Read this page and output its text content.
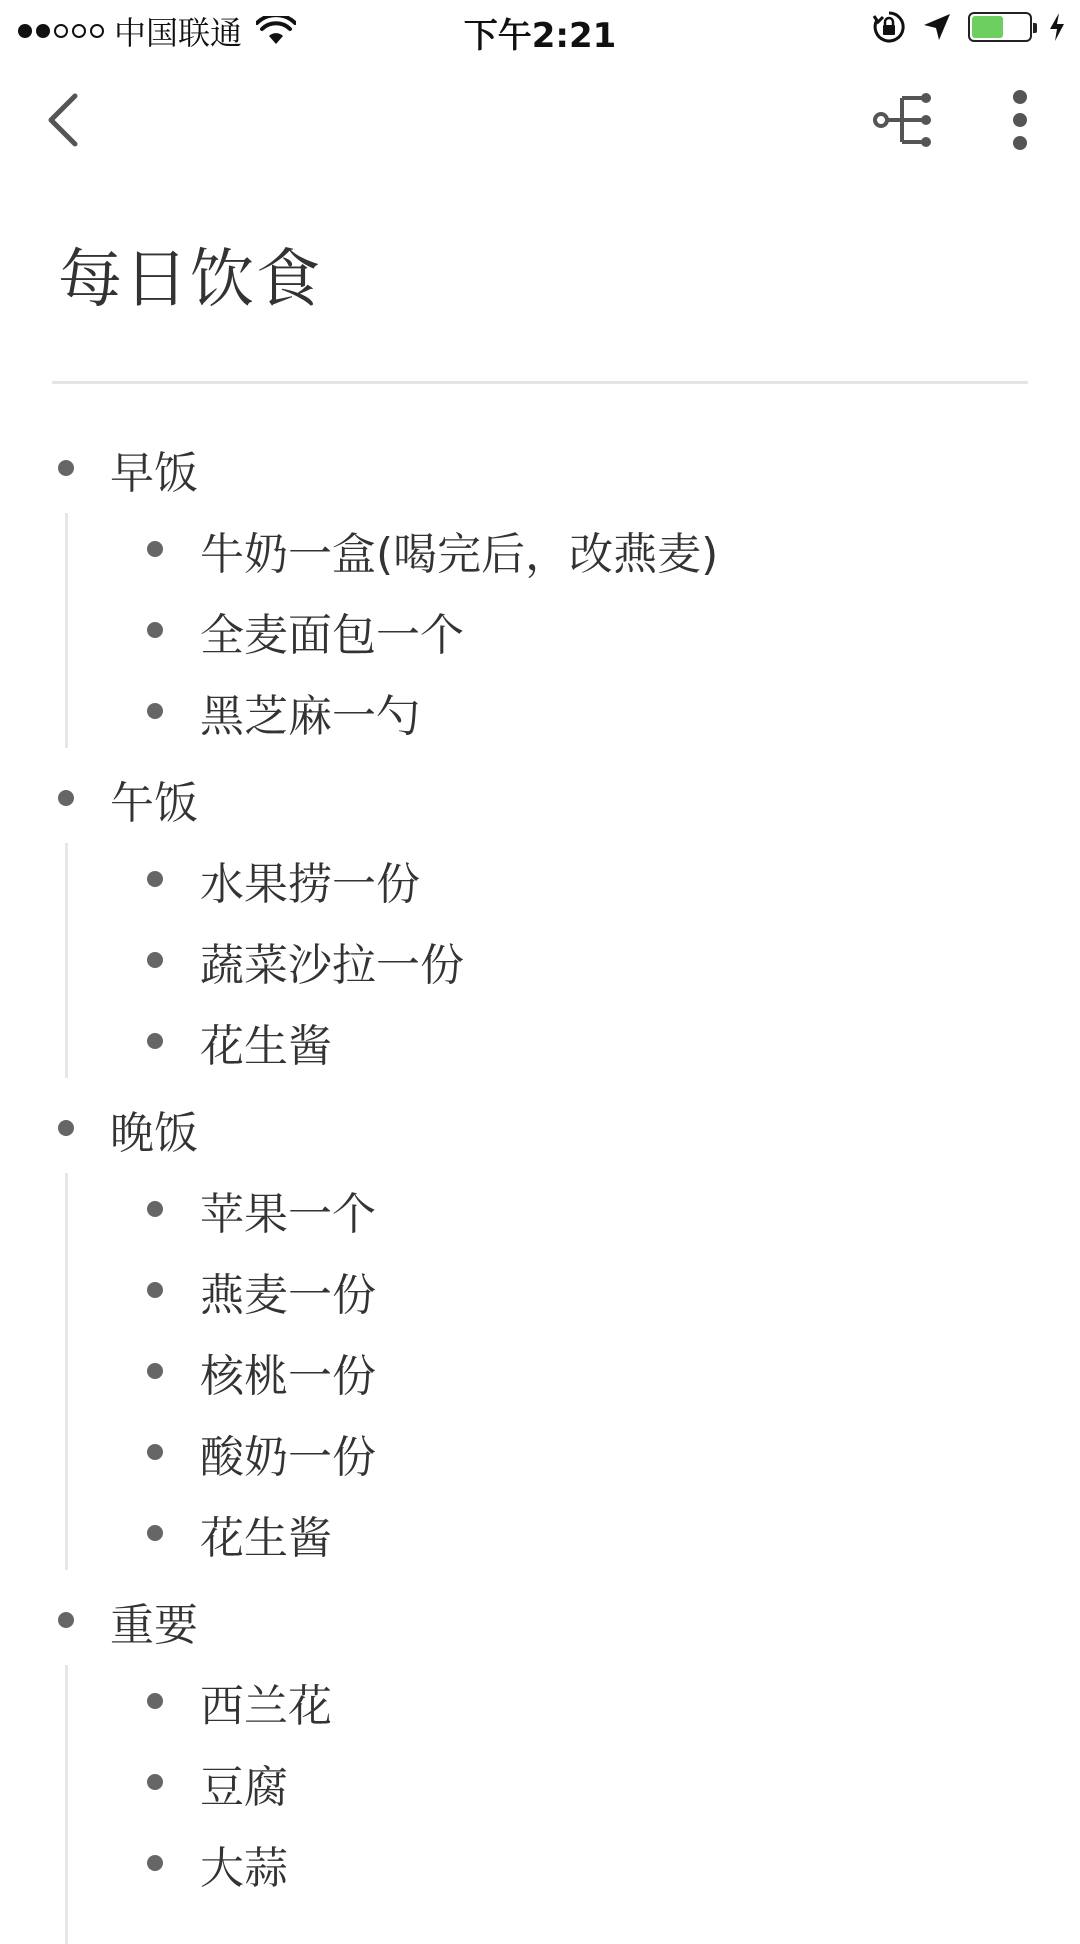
中国联通	下午2:21
每日饮食
早饭
牛奶一盒(喝完后，改燕麦)
全麦面包一个
黑芝麻一勺
午饭
水果捞一份
蔬菜沙拉一份
花生酱
晚饭
苹果一个
燕麦一份
核桃一份
酸奶一份
花生酱
重要
西兰花
豆腐
大蒜
